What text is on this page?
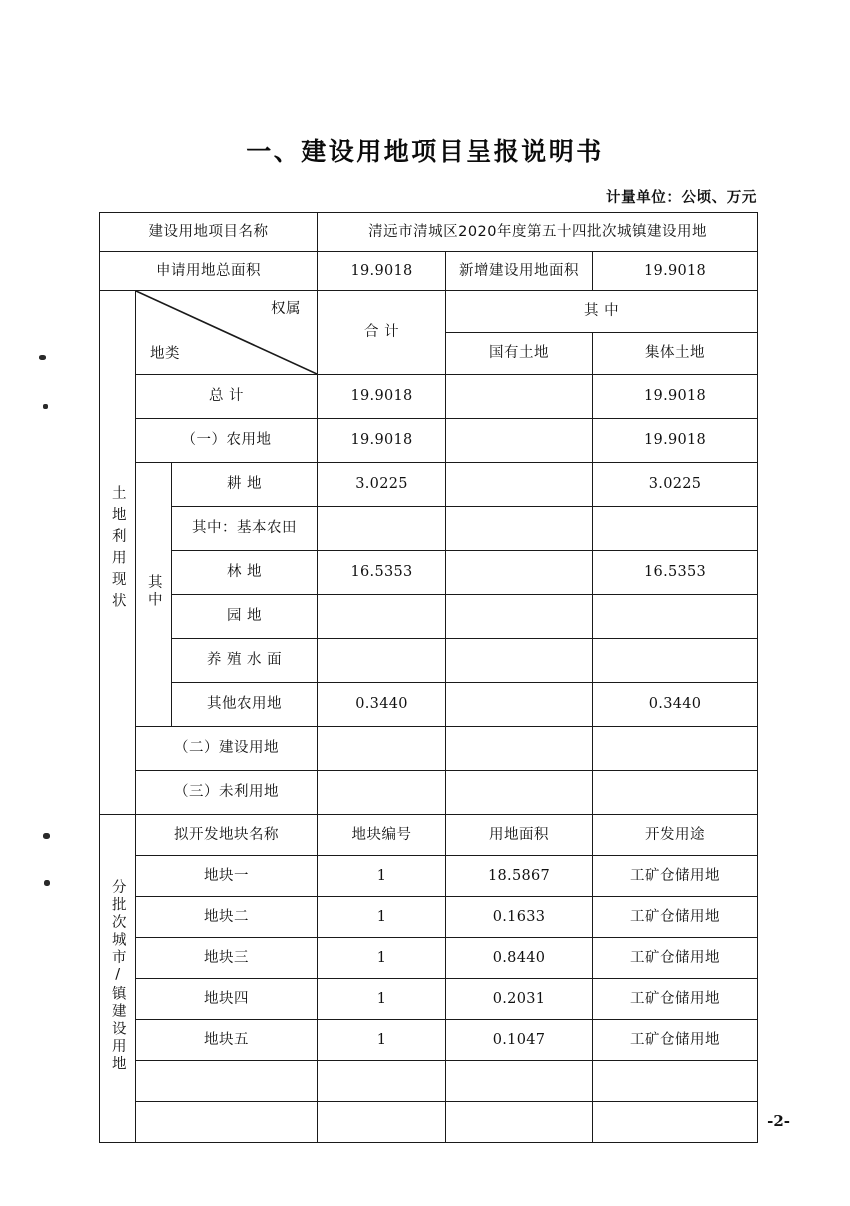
一、建设用地项目呈报说明书
计量单位：公顷、万元
建设用地项目名称			清远市清城区2020年度第五十四批次城镇建设用地		
申请用地总面积			19.9018	新增建设用地面积	19.9018
土地利用现状	权属
地类		合 计	其 中	
				国有土地	集体土地
	总 计		19.9018		19.9018
	（一）农用地		19.9018		19.9018
	其中	耕 地	3.0225		3.0225
		其中：基本农田			
		林 地	16.5353		16.5353
		园 地			
		养 殖 水 面			
		其他农用地	0.3440		0.3440
	（二）建设用地				
	（三）未利用地				
分批次城市/镇建设用地	拟开发地块名称		地块编号	用地面积	开发用途
	地块一		1	18.5867	工矿仓储用地
	地块二		1	0.1633	工矿仓储用地
	地块三		1	0.8440	工矿仓储用地
	地块四		1	0.2031	工矿仓储用地
	地块五		1	0.1047	工矿仓储用地

-2-
